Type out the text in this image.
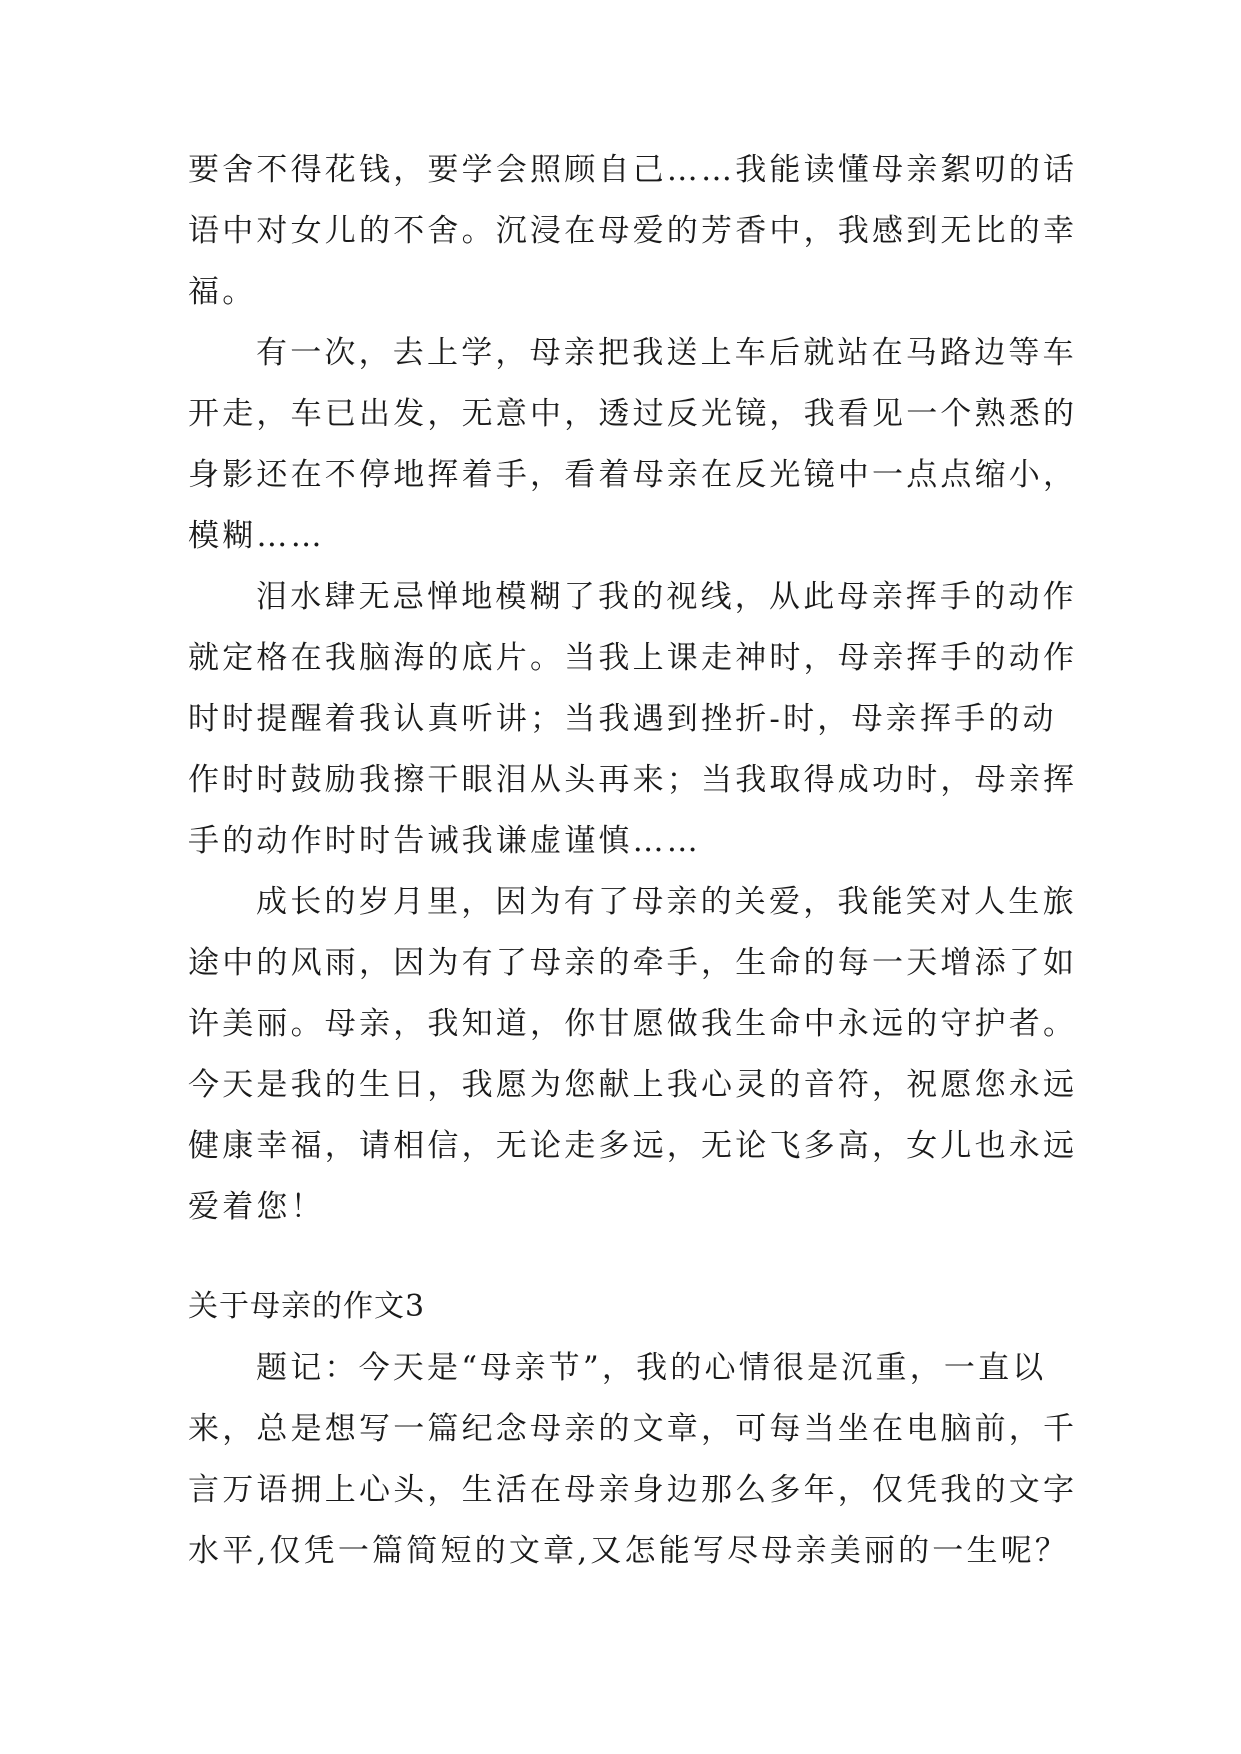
要舍不得花钱，要学会照顾自己……我能读懂母亲絮叨的话
语中对女儿的不舍。沉浸在母爱的芳香中，我感到无比的幸
福。
有一次，去上学，母亲把我送上车后就站在马路边等车
开走，车已出发，无意中，透过反光镜，我看见一个熟悉的
身影还在不停地挥着手，看着母亲在反光镜中一点点缩小，
模糊……
泪水肆无忌惮地模糊了我的视线，从此母亲挥手的动作
就定格在我脑海的底片。当我上课走神时，母亲挥手的动作
时时提醒着我认真听讲；当我遇到挫折-时，母亲挥手的动
作时时鼓励我擦干眼泪从头再来；当我取得成功时，母亲挥
手的动作时时告诫我谦虚谨慎……
成长的岁月里，因为有了母亲的关爱，我能笑对人生旅
途中的风雨，因为有了母亲的牵手，生命的每一天增添了如
许美丽。母亲，我知道，你甘愿做我生命中永远的守护者。
今天是我的生日，我愿为您献上我心灵的音符，祝愿您永远
健康幸福，请相信，无论走多远，无论飞多高，女儿也永远
爱着您！
关于母亲的作文3
题记：今天是“母亲节”，我的心情很是沉重，一直以
来，总是想写一篇纪念母亲的文章，可每当坐在电脑前，千
言万语拥上心头，生活在母亲身边那么多年，仅凭我的文字
水平,仅凭一篇简短的文章,又怎能写尽母亲美丽的一生呢？
